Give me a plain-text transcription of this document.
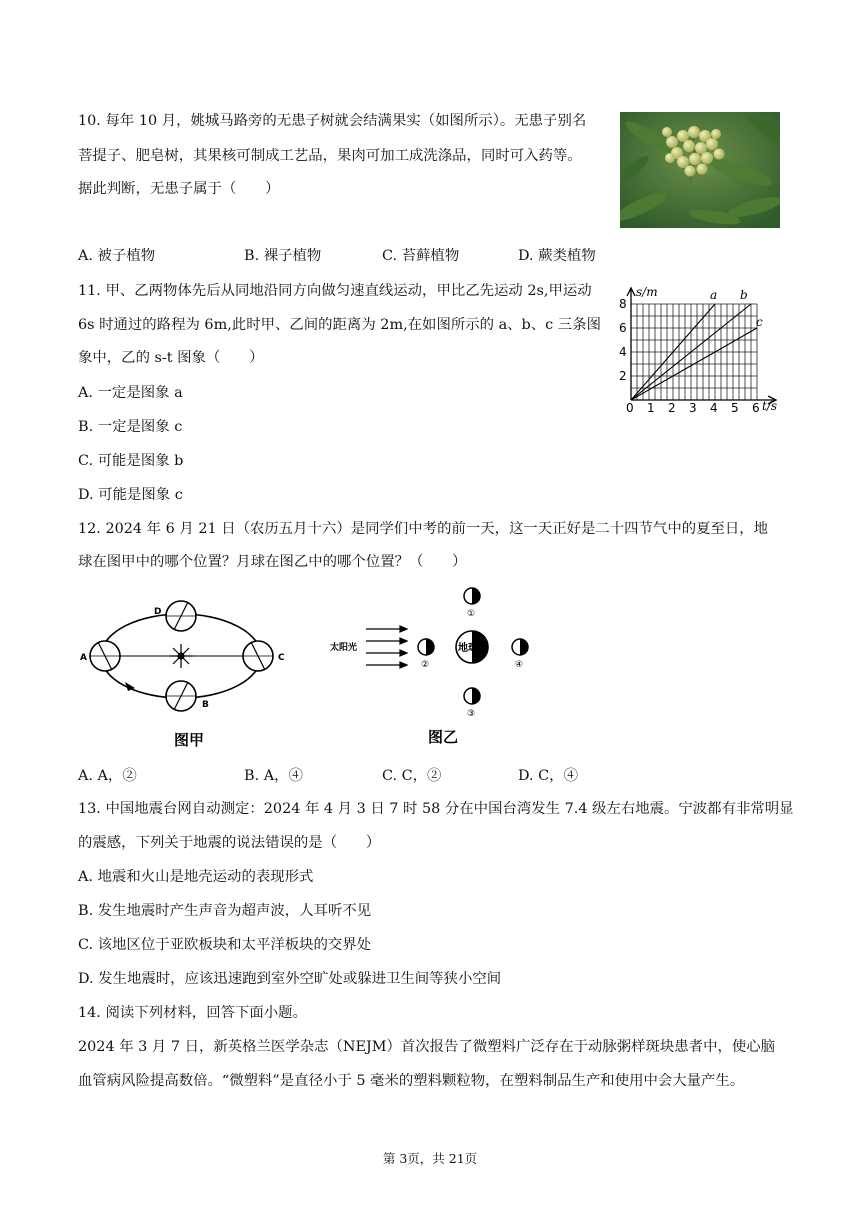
10. 每年 10 月，姚城马路旁的无患子树就会结满果实（如图所示）。无患子别名
菩提子、肥皂树，其果核可制成工艺品，果肉可加工成洗涤品，同时可入药等。
据此判断，无患子属于（　　）
A. 被子植物	B. 裸子植物	C. 苔藓植物	D. 蕨类植物
11. 甲、乙两物体先后从同地沿同方向做匀速直线运动，甲比乙先运动 2s,甲运动
6s 时通过的路程为 6m,此时甲、乙间的距离为 2m,在如图所示的 a、b、c 三条图
象中，乙的 s-t 图象（　　）
a b
c
s/m
t/s
8
6
4
2
0 1 2 3 4 5 6
A. 一定是图象 a
B. 一定是图象 c
C. 可能是图象 b
D. 可能是图象 c
12. 2024 年 6 月 21 日（农历五月十六）是同学们中考的前一天，这一天正好是二十四节气中的夏至日，地
球在图甲中的哪个位置？月球在图乙中的哪个位置？（　　）
A
B
C
D
图甲
太阳光	地球
①
②	④
③
图乙
A. A，②	B. A，④	C. C，②	D. C，④
13. 中国地震台网自动测定：2024 年 4 月 3 日 7 时 58 分在中国台湾发生 7.4 级左右地震。宁波都有非常明显
的震感，下列关于地震的说法错误的是（　　）
A. 地震和火山是地壳运动的表现形式
B. 发生地震时产生声音为超声波，人耳听不见
C. 该地区位于亚欧板块和太平洋板块的交界处
D. 发生地震时，应该迅速跑到室外空旷处或躲进卫生间等狭小空间
14. 阅读下列材料，回答下面小题。
2024 年 3 月 7 日，新英格兰医学杂志（NEJM）首次报告了微塑料广泛存在于动脉粥样斑块患者中，使心脑
血管病风险提高数倍。“微塑料”是直径小于 5 毫米的塑料颗粒物，在塑料制品生产和使用中会大量产生。
第 3页，共 21页
